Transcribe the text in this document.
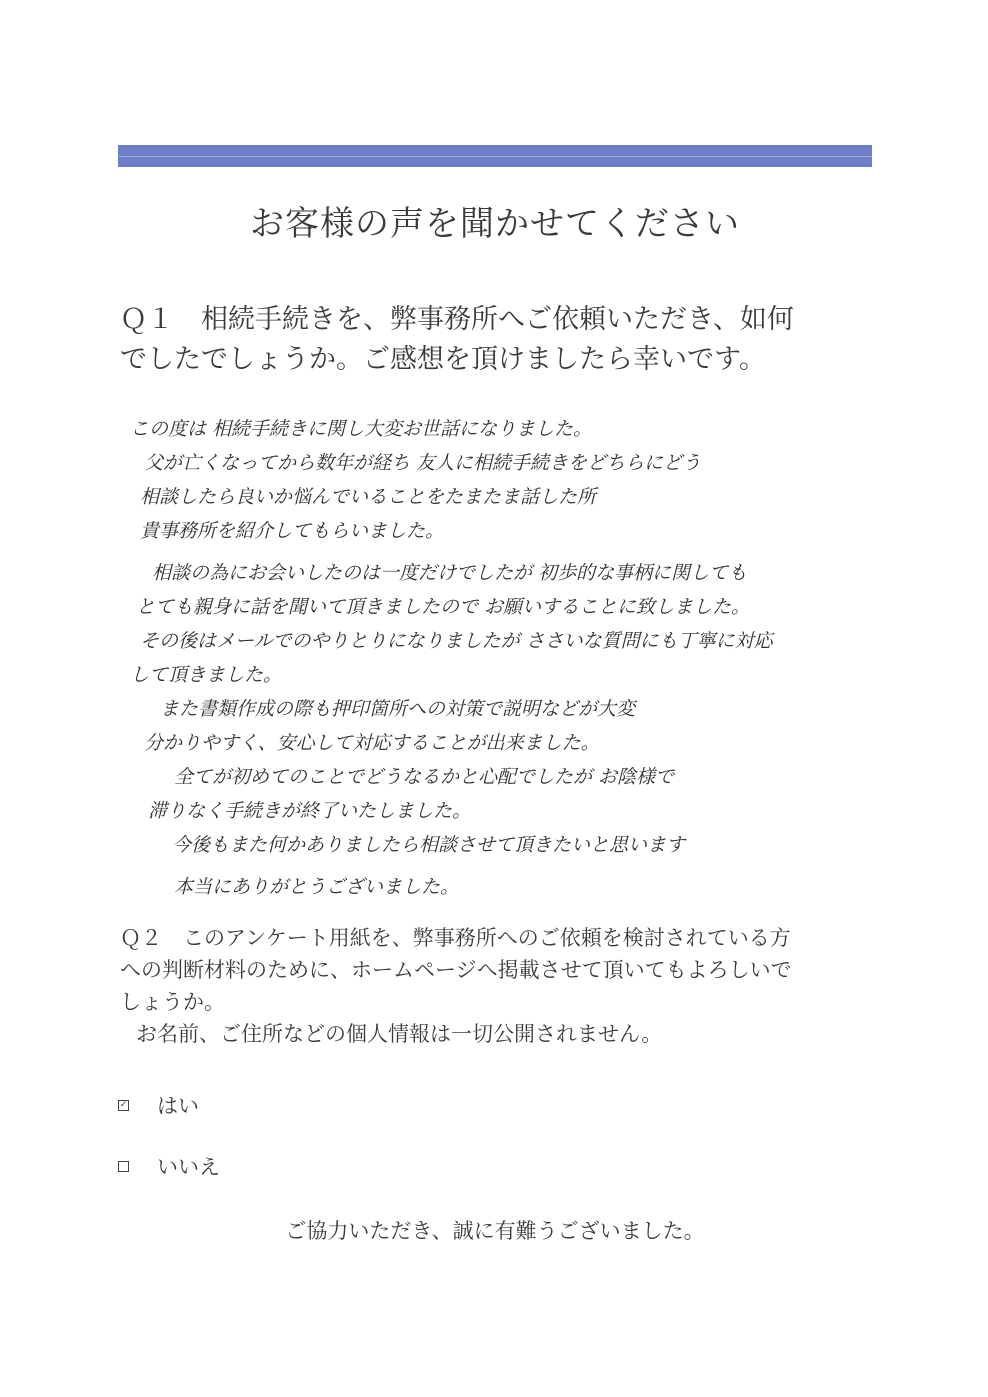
お客様の声を聞かせてください
Ｑ１　相続手続きを、弊事務所へご依頼いただき、如何
でしたでしょうか。ご感想を頂けましたら幸いです。
この度は 相続手続きに関し大変お世話になりました。
父が亡くなってから数年が経ち 友人に相続手続きをどちらにどう
相談したら良いか悩んでいることをたまたま話した所
貴事務所を紹介してもらいました。
相談の為にお会いしたのは一度だけでしたが 初歩的な事柄に関しても
とても親身に話を聞いて頂きましたので お願いすることに致しました。
その後はメールでのやりとりになりましたが ささいな質問にも丁寧に対応
して頂きました。
また書類作成の際も押印箇所への対策で説明などが大変
分かりやすく、安心して対応することが出来ました。
全てが初めてのことでどうなるかと心配でしたが お陰様で
滞りなく手続きが終了いたしました。
今後もまた何かありましたら相談させて頂きたいと思います
本当にありがとうございました。
Ｑ２　このアンケート用紙を、弊事務所へのご依頼を検討されている方
への判断材料のために、ホームページへ掲載させて頂いてもよろしいで
しょうか。
お名前、ご住所などの個人情報は一切公開されません。
✓ はい
いいえ
ご協力いただき、誠に有難うございました。
